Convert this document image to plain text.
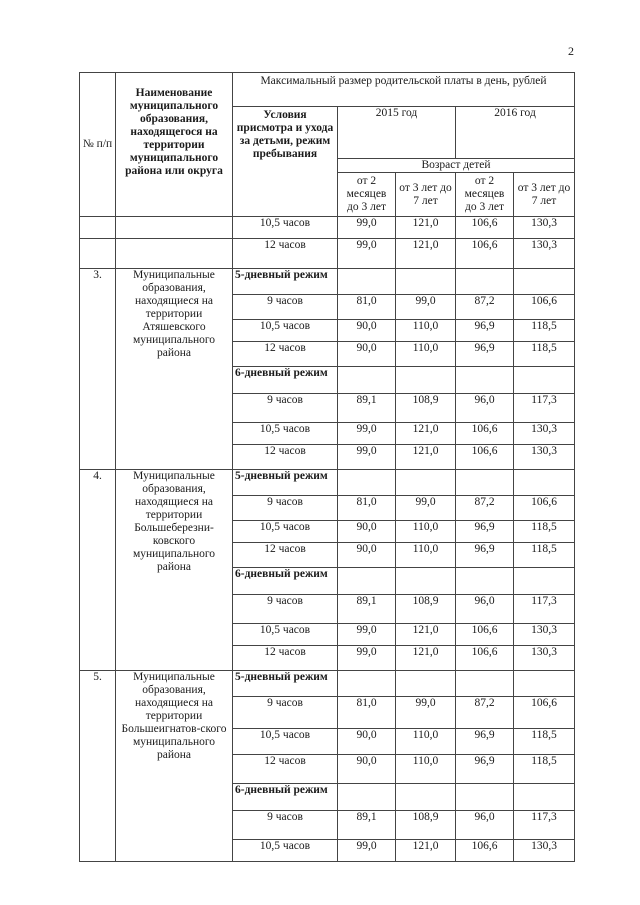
2
№ п/п	Наименование муниципального образования, находящегося на территории муниципального района или округа	Максимальный размер родительской платы в день, рублей				
		Условия присмотра и ухода за детьми, режим пребывания	2015 год		2016 год	
			Возраст детей			
			от 2 месяцев до 3 лет	от 3 лет до 7 лет	от 2 месяцев до 3 лет	от 3 лет до 7 лет
		10,5 часов	99,0	121,0	106,6	130,3
		12 часов	99,0	121,0	106,6	130,3
3.	Муниципальные образования, находящиеся на территории Атяшевского муниципального района	5-дневный режим				
		9 часов	81,0	99,0	87,2	106,6
		10,5 часов	90,0	110,0	96,9	118,5
		12 часов	90,0	110,0	96,9	118,5
		6-дневный режим				
		9 часов	89,1	108,9	96,0	117,3
		10,5 часов	99,0	121,0	106,6	130,3
		12 часов	99,0	121,0	106,6	130,3
4.	Муниципальные образования, находящиеся на территории Большеберезни-ковского муниципального района	5-дневный режим				
		9 часов	81,0	99,0	87,2	106,6
		10,5 часов	90,0	110,0	96,9	118,5
		12 часов	90,0	110,0	96,9	118,5
		6-дневный режим				
		9 часов	89,1	108,9	96,0	117,3
		10,5 часов	99,0	121,0	106,6	130,3
		12 часов	99,0	121,0	106,6	130,3
5.	Муниципальные образования, находящиеся на территории Большеигнатов-ского муниципального района	5-дневный режим				
		9 часов	81,0	99,0	87,2	106,6
		10,5 часов	90,0	110,0	96,9	118,5
		12 часов	90,0	110,0	96,9	118,5
		6-дневный режим				
		9 часов	89,1	108,9	96,0	117,3
		10,5 часов	99,0	121,0	106,6	130,3
